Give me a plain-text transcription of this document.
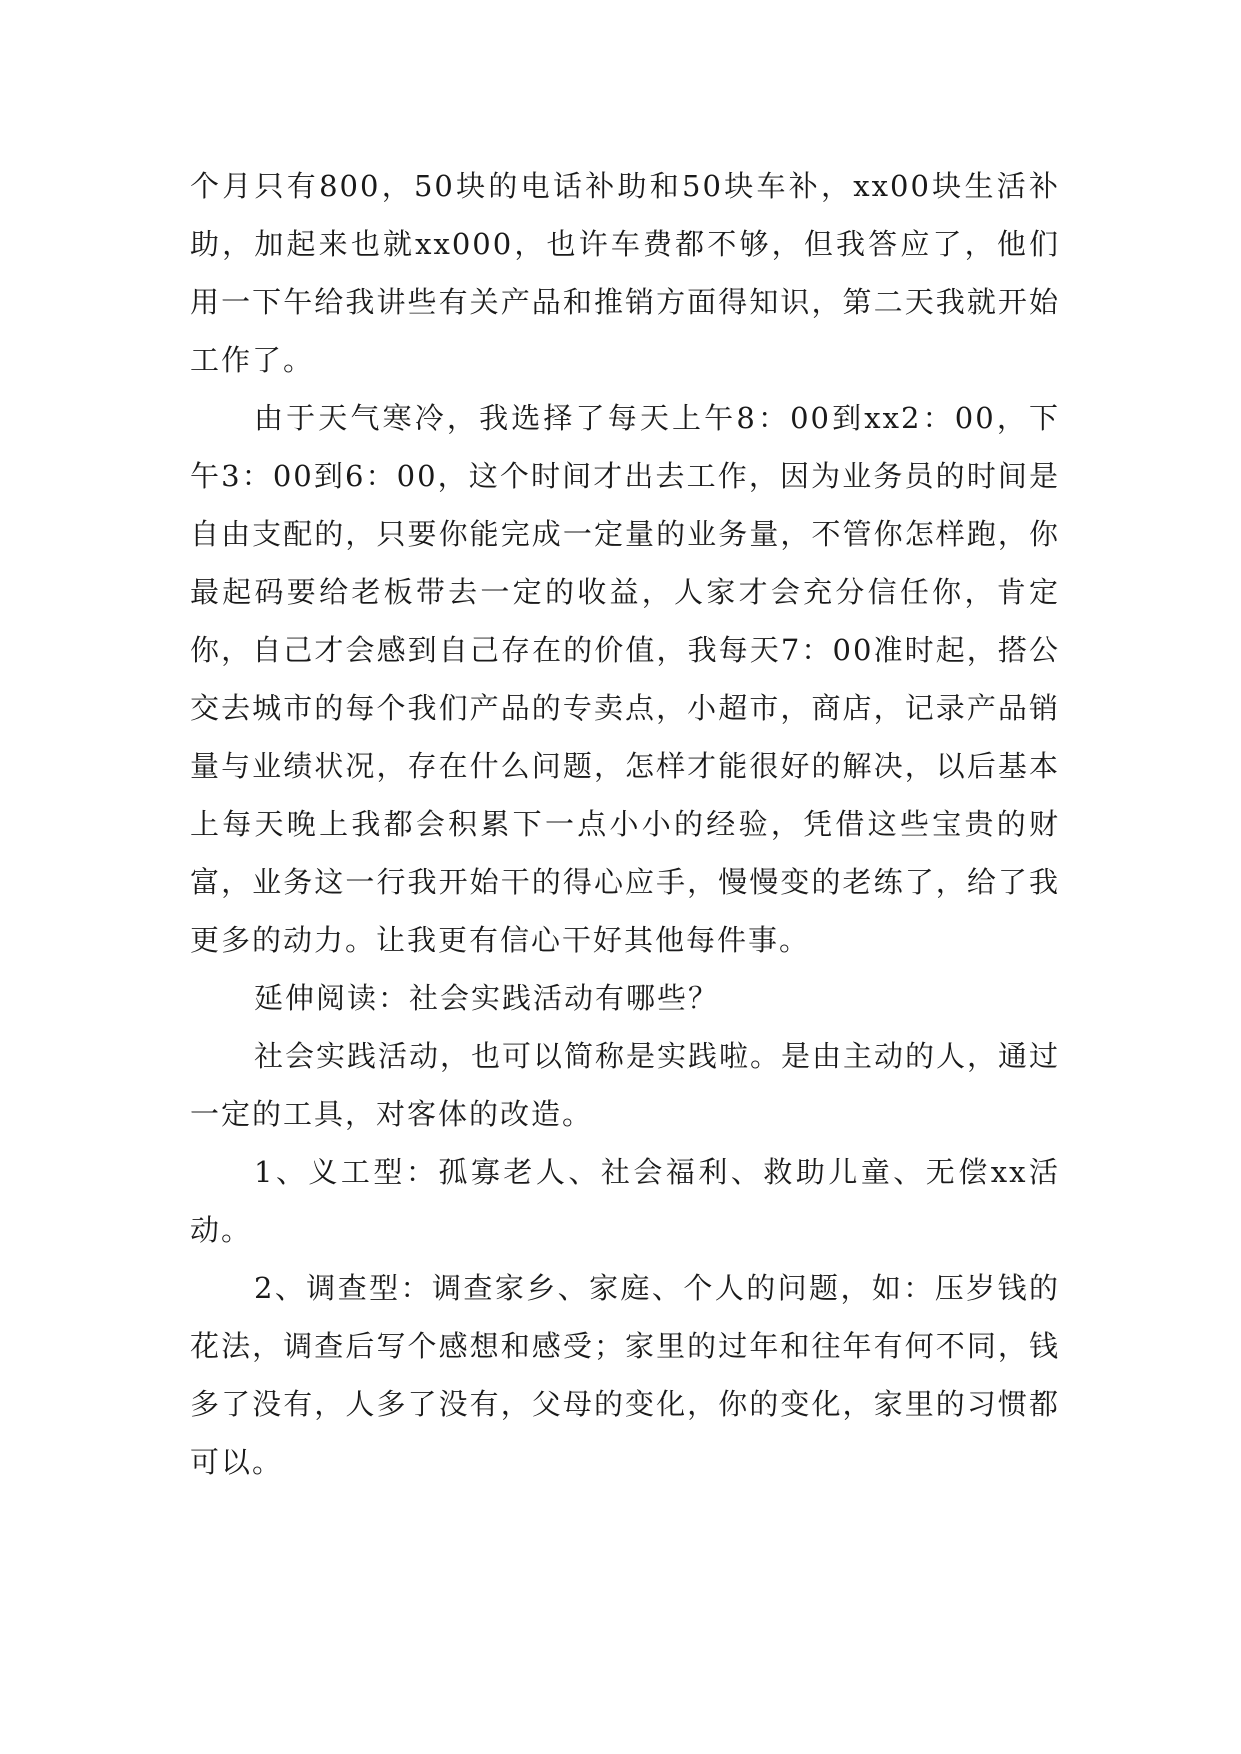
个月只有800，50块的电话补助和50块车补，xx00块生活补助，加起来也就xx000，也许车费都不够，但我答应了，他们用一下午给我讲些有关产品和推销方面得知识，第二天我就开始工作了。

由于天气寒冷，我选择了每天上午8：00到xx2：00，下午3：00到6：00，这个时间才出去工作，因为业务员的时间是自由支配的，只要你能完成一定量的业务量，不管你怎样跑，你最起码要给老板带去一定的收益，人家才会充分信任你，肯定你，自己才会感到自己存在的价值，我每天7：00准时起，搭公交去城市的每个我们产品的专卖点，小超市，商店，记录产品销量与业绩状况，存在什么问题，怎样才能很好的解决，以后基本上每天晚上我都会积累下一点小小的经验，凭借这些宝贵的财富，业务这一行我开始干的得心应手，慢慢变的老练了，给了我更多的动力。让我更有信心干好其他每件事。

延伸阅读：社会实践活动有哪些？

社会实践活动，也可以简称是实践啦。是由主动的人，通过一定的工具，对客体的改造。

1、义工型：孤寡老人、社会福利、救助儿童、无偿xx活动。

2、调查型：调查家乡、家庭、个人的问题，如：压岁钱的花法，调查后写个感想和感受；家里的过年和往年有何不同，钱多了没有，人多了没有，父母的变化，你的变化，家里的习惯都可以。
